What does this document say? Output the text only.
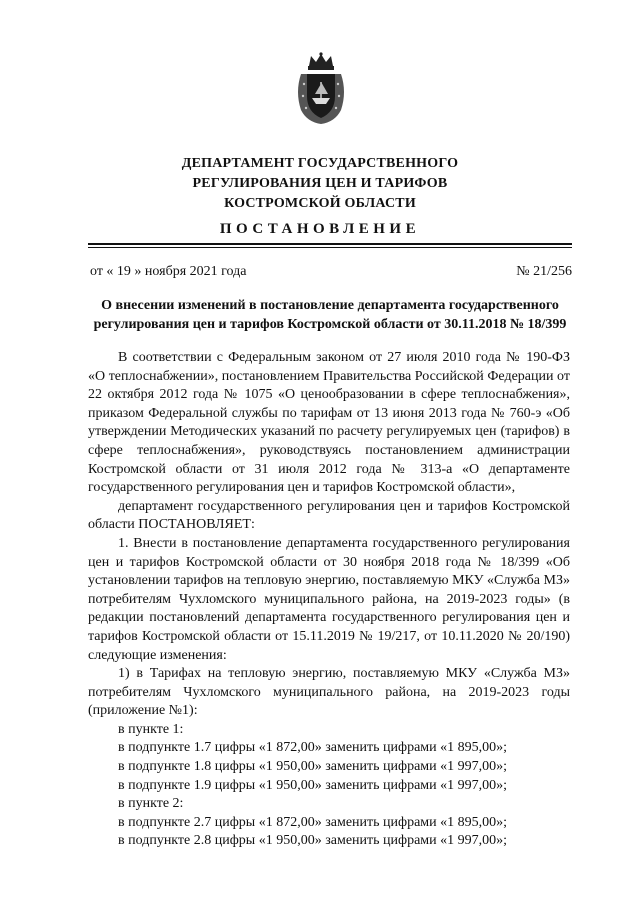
ДЕПАРТАМЕНТ ГОСУДАРСТВЕННОГО
РЕГУЛИРОВАНИЯ ЦЕН И ТАРИФОВ
КОСТРОМСКОЙ ОБЛАСТИ
ПОСТАНОВЛЕНИЕ
от « 19 » ноября 2021 года	№ 21/256
О внесении изменений в постановление департамента государственного регулирования цен и тарифов Костромской области от 30.11.2018 № 18/399

В соответствии с Федеральным законом от 27 июля 2010 года № 190-ФЗ «О теплоснабжении», постановлением Правительства Российской Федерации от 22 октября 2012 года № 1075 «О ценообразовании в сфере теплоснабжения», приказом Федеральной службы по тарифам от 13 июня 2013 года № 760-э «Об утверждении Методических указаний по расчету регулируемых цен (тарифов) в сфере теплоснабжения», руководствуясь постановлением администрации Костромской области от 31 июля 2012 года № 313-а «О департаменте государственного регулирования цен и тарифов Костромской области»,

департамент государственного регулирования цен и тарифов Костромской области ПОСТАНОВЛЯЕТ:

1. Внести в постановление департамента государственного регулирования цен и тарифов Костромской области от 30 ноября 2018 года № 18/399 «Об установлении тарифов на тепловую энергию, поставляемую МКУ «Служба МЗ» потребителям Чухломского муниципального района, на 2019-2023 годы» (в редакции постановлений департамента государственного регулирования цен и тарифов Костромской области от 15.11.2019 № 19/217, от 10.11.2020 № 20/190) следующие изменения:

1) в Тарифах на тепловую энергию, поставляемую МКУ «Служба МЗ» потребителям Чухломского муниципального района, на 2019-2023 годы (приложение №1):

в пункте 1:

в подпункте 1.7 цифры «1 872,00» заменить цифрами «1 895,00»;

в подпункте 1.8 цифры «1 950,00» заменить цифрами «1 997,00»;

в подпункте 1.9 цифры «1 950,00» заменить цифрами «1 997,00»;

в пункте 2:

в подпункте 2.7 цифры «1 872,00» заменить цифрами «1 895,00»;

в подпункте 2.8 цифры «1 950,00» заменить цифрами «1 997,00»;
